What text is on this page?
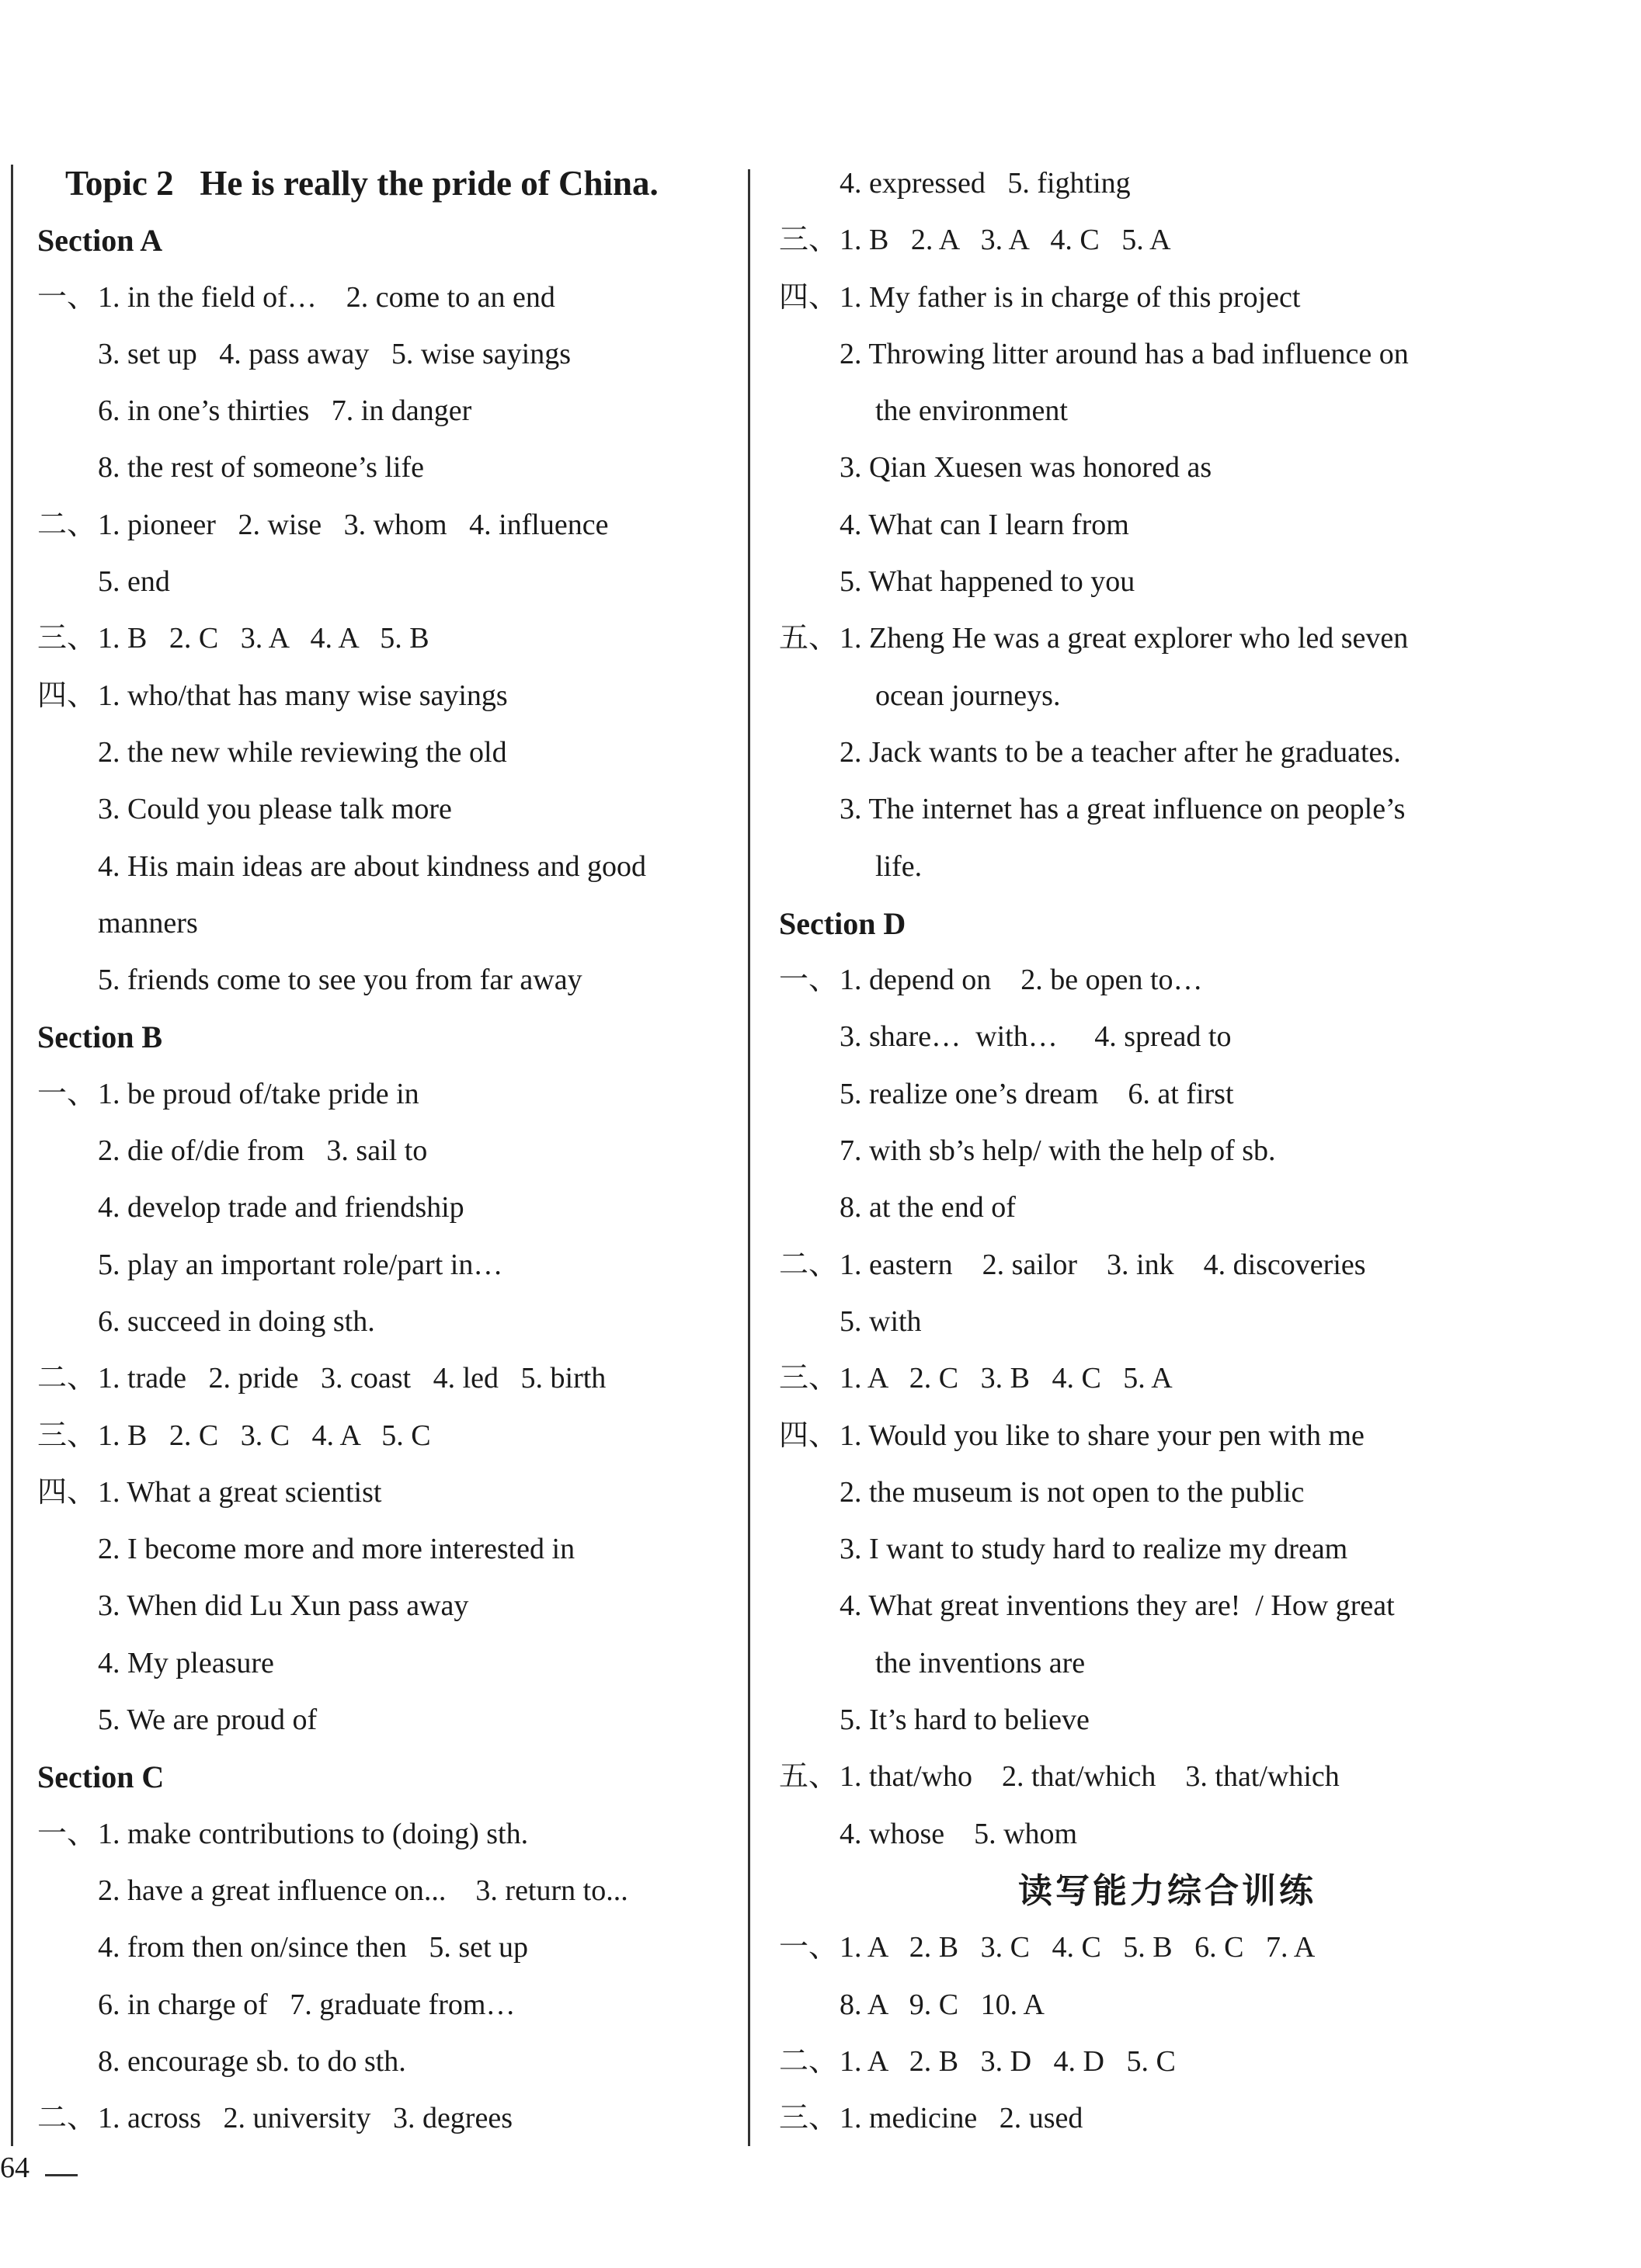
Topic 2   He is really the pride of China.
Section A
一、 1. in the field of…    2. come to an end
3. set up   4. pass away   5. wise sayings
6. in one’s thirties   7. in danger
8. the rest of someone’s life
二、 1. pioneer   2. wise   3. whom   4. influence
5. end
三、 1. B   2. C   3. A   4. A   5. B
四、 1. who/that has many wise sayings
2. the new while reviewing the old
3. Could you please talk more
4. His main ideas are about kindness and good
manners
5. friends come to see you from far away
Section B
一、 1. be proud of/take pride in
2. die of/die from   3. sail to
4. develop trade and friendship
5. play an important role/part in…
6. succeed in doing sth.
二、 1. trade   2. pride   3. coast   4. led   5. birth
三、 1. B   2. C   3. C   4. A   5. C
四、 1. What a great scientist
2. I become more and more interested in
3. When did Lu Xun pass away
4. My pleasure
5. We are proud of
Section C
一、 1. make contributions to (doing) sth.
2. have a great influence on...    3. return to...
4. from then on/since then   5. set up
6. in charge of   7. graduate from…
8. encourage sb. to do sth.
二、 1. across   2. university   3. degrees
4. expressed   5. fighting
三、 1. B   2. A   3. A   4. C   5. A
四、 1. My father is in charge of this project
2. Throwing litter around has a bad influence on
the environment
3. Qian Xuesen was honored as
4. What can I learn from
5. What happened to you
五、 1. Zheng He was a great explorer who led seven
ocean journeys.
2. Jack wants to be a teacher after he graduates.
3. The internet has a great influence on people’s
life.
Section D
一、 1. depend on    2. be open to…
3. share…  with…     4. spread to
5. realize one’s dream    6. at first
7. with sb’s help/ with the help of sb.
8. at the end of
二、 1. eastern    2. sailor    3. ink    4. discoveries
5. with
三、 1. A   2. C   3. B   4. C   5. A
四、 1. Would you like to share your pen with me
2. the museum is not open to the public
3. I want to study hard to realize my dream
4. What great inventions they are!  / How great
the inventions are
5. It’s hard to believe
五、 1. that/who    2. that/which    3. that/which
4. whose    5. whom
读写能力综合训练
一、 1. A   2. B   3. C   4. C   5. B   6. C   7. A
8. A   9. C   10. A
二、 1. A   2. B   3. D   4. D   5. C
三、 1. medicine   2. used
64
